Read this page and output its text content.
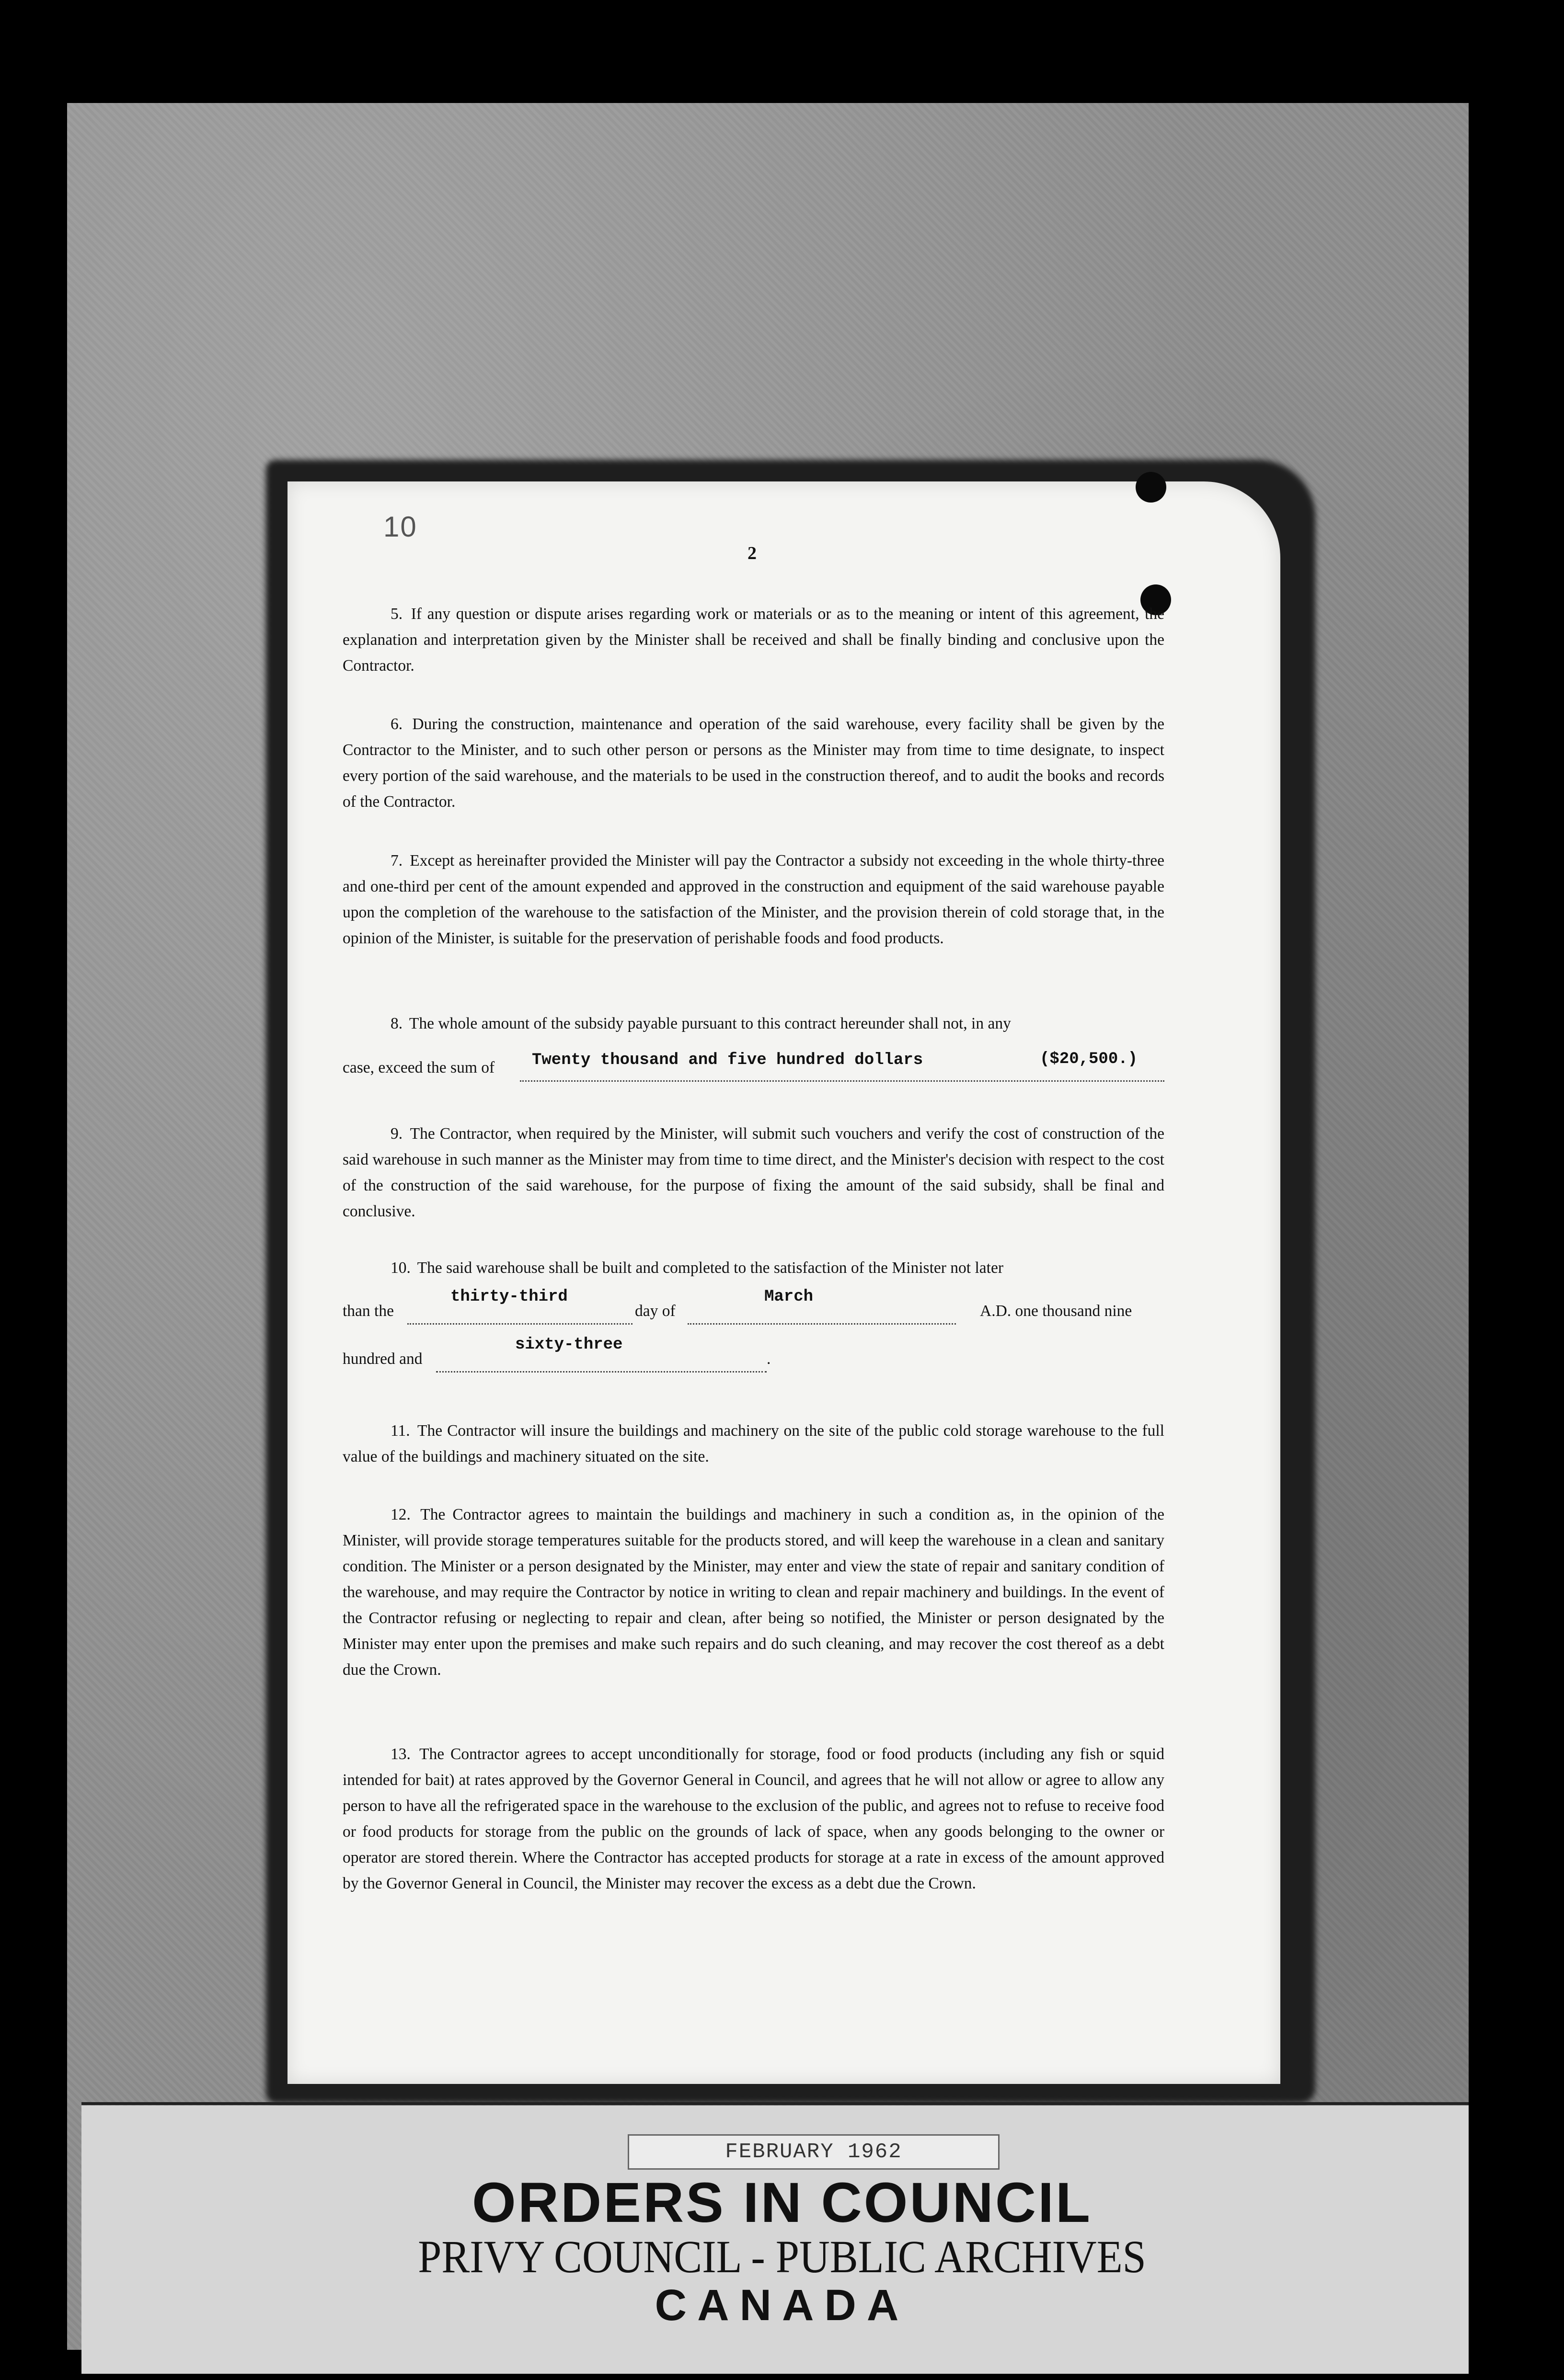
10
2
5. If any question or dispute arises regarding work or materials or as to the meaning or intent of this agreement, the explanation and interpretation given by the Minister shall be received and shall be finally binding and conclusive upon the Contractor.
6. During the construction, maintenance and operation of the said warehouse, every facility shall be given by the Contractor to the Minister, and to such other person or persons as the Minister may from time to time designate, to inspect every portion of the said warehouse, and the materials to be used in the construction thereof, and to audit the books and records of the Contractor.
7. Except as hereinafter provided the Minister will pay the Contractor a subsidy not exceeding in the whole thirty-three and one-third per cent of the amount expended and approved in the construction and equipment of the said warehouse payable upon the completion of the warehouse to the satisfaction of the Minister, and the provision therein of cold storage that, in the opinion of the Minister, is suitable for the preservation of perishable foods and food products.
8. The whole amount of the subsidy payable pursuant to this contract hereunder shall not, in any
case, exceed the sum of Twenty thousand and five hundred dollars	($20,500.)
9. The Contractor, when required by the Minister, will submit such vouchers and verify the cost of construction of the said warehouse in such manner as the Minister may from time to time direct, and the Minister's decision with respect to the cost of the construction of the said warehouse, for the purpose of fixing the amount of the said subsidy, shall be final and conclusive.
10. The said warehouse shall be built and completed to the satisfaction of the Minister not later
than the
thirty-third
day of
March
A.D. one thousand nine
hundred and
sixty-three
.
11. The Contractor will insure the buildings and machinery on the site of the public cold storage warehouse to the full value of the buildings and machinery situated on the site.
12. The Contractor agrees to maintain the buildings and machinery in such a condition as, in the opinion of the Minister, will provide storage temperatures suitable for the products stored, and will keep the warehouse in a clean and sanitary condition. The Minister or a person designated by the Minister, may enter and view the state of repair and sanitary condition of the warehouse, and may require the Contractor by notice in writing to clean and repair machinery and buildings. In the event of the Contractor refusing or neglecting to repair and clean, after being so notified, the Minister or person designated by the Minister may enter upon the premises and make such repairs and do such cleaning, and may recover the cost thereof as a debt due the Crown.
13. The Contractor agrees to accept unconditionally for storage, food or food products (including any fish or squid intended for bait) at rates approved by the Governor General in Council, and agrees that he will not allow or agree to allow any person to have all the refrigerated space in the warehouse to the exclusion of the public, and agrees not to refuse to receive food or food products for storage from the public on the grounds of lack of space, when any goods belonging to the owner or operator are stored therein. Where the Contractor has accepted products for storage at a rate in excess of the amount approved by the Governor General in Council, the Minister may recover the excess as a debt due the Crown.
FEBRUARY 1962
ORDERS IN COUNCIL
PRIVY COUNCIL - PUBLIC ARCHIVES
CANADA
